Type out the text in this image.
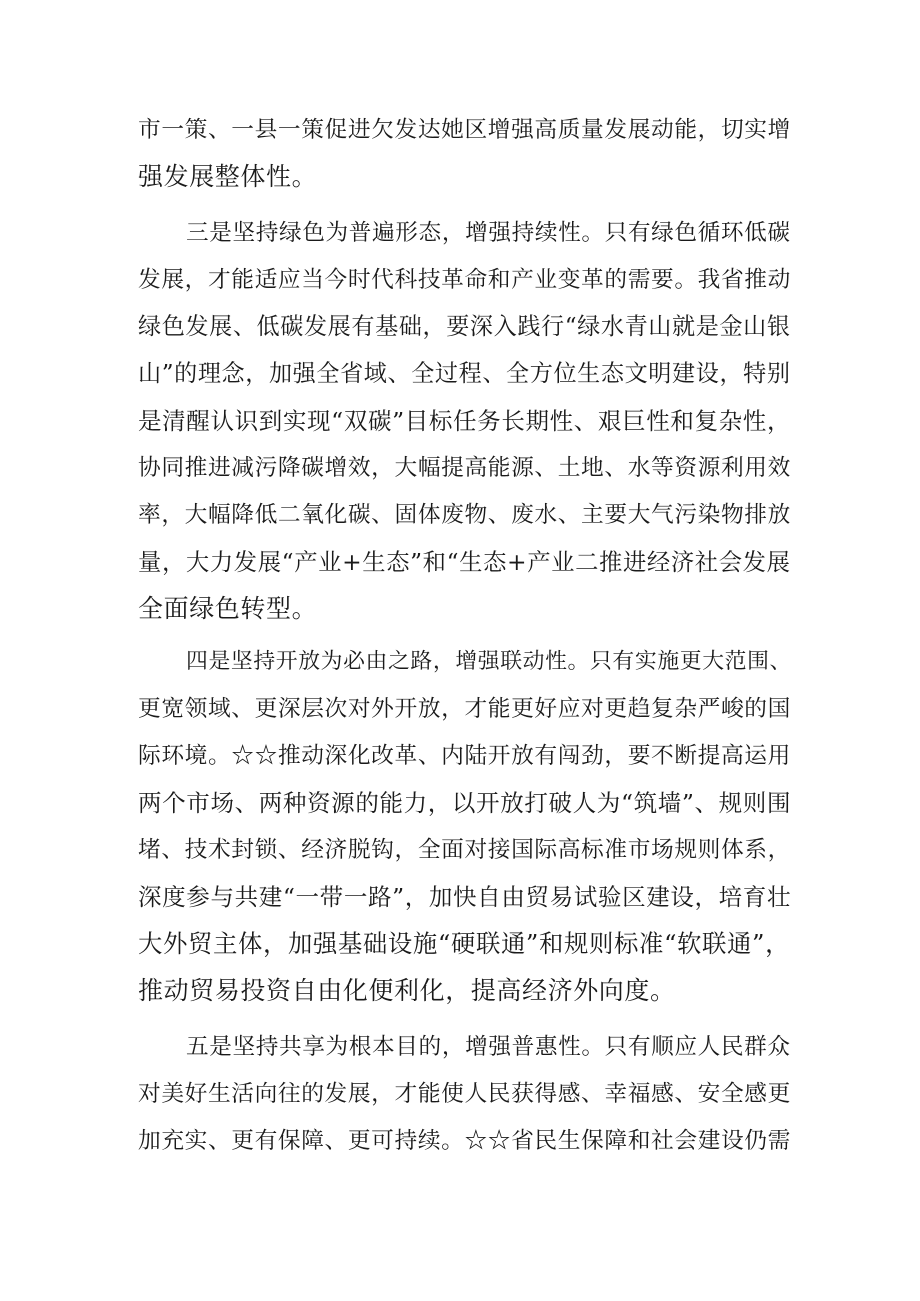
市一策、一县一策促进欠发达她区增强高质量发展动能，切实增
强发展整体性。
三是坚持绿色为普遍形态，增强持续性。只有绿色循环低碳
发展，才能适应当今时代科技革命和产业变革的需要。我省推动
绿色发展、低碳发展有基础，要深入践行“绿水青山就是金山银
山”的理念，加强全省域、全过程、全方位生态文明建设，特别
是清醒认识到实现“双碳”目标任务长期性、艰巨性和复杂性，
协同推进减污降碳增效，大幅提高能源、土地、水等资源利用效
率，大幅降低二氧化碳、固体废物、废水、主要大气污染物排放
量，大力发展“产业+生态”和“生态+产业二推进经济社会发展
全面绿色转型。
四是坚持开放为必由之路，增强联动性。只有实施更大范围、
更宽领域、更深层次对外开放，才能更好应对更趋复杂严峻的国
际环境。☆☆推动深化改革、内陆开放有闯劲，要不断提高运用
两个市场、两种资源的能力，以开放打破人为“筑墙”、规则围
堵、技术封锁、经济脱钩，全面对接国际高标准市场规则体系，
深度参与共建“一带一路”，加快自由贸易试验区建设，培育壮
大外贸主体，加强基础设施“硬联通”和规则标准“软联通”，
推动贸易投资自由化便利化，提高经济外向度。
五是坚持共享为根本目的，增强普惠性。只有顺应人民群众
对美好生活向往的发展，才能使人民获得感、幸福感、安全感更
加充实、更有保障、更可持续。☆☆省民生保障和社会建设仍需
